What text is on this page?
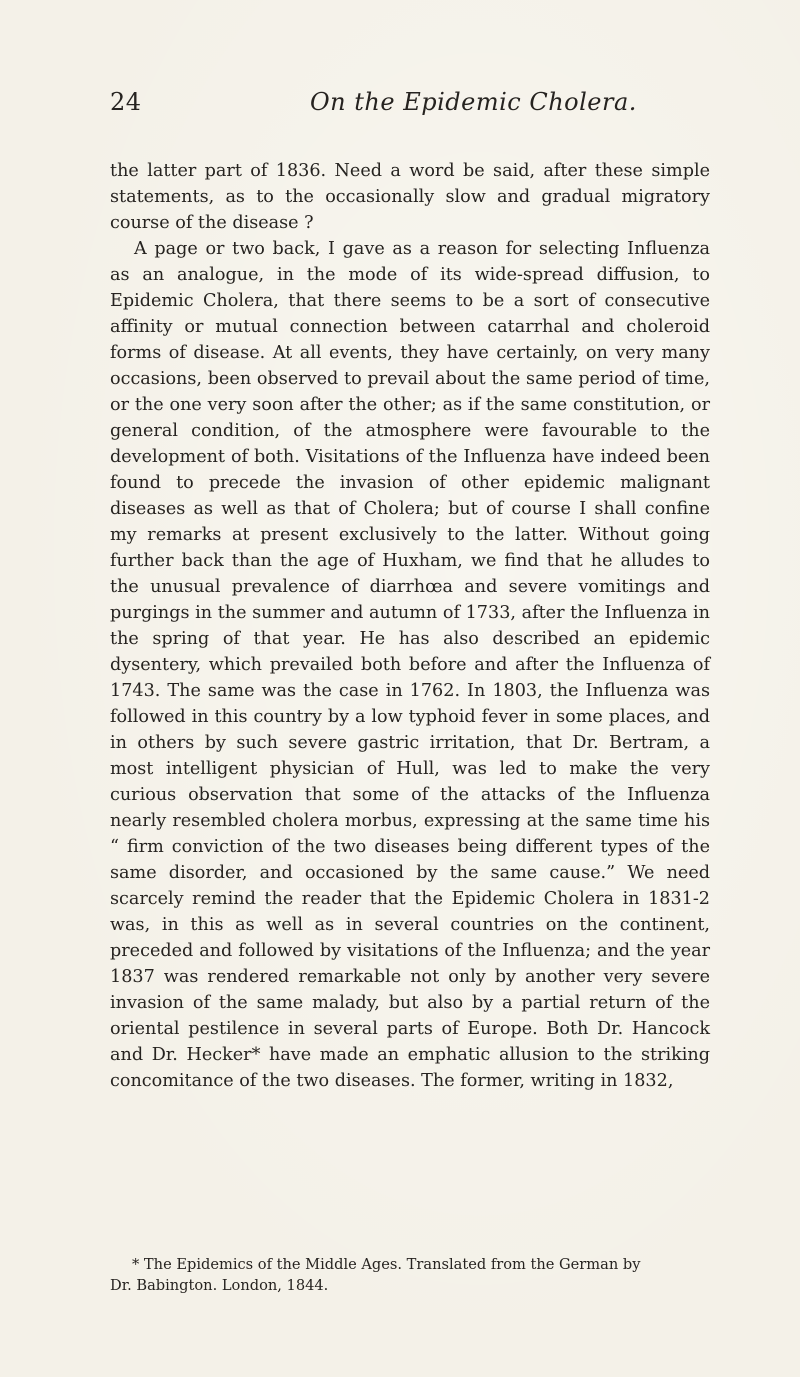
24	On the Epidemic Cholera.

the latter part of 1836. Need a word be said, after these simple statements, as to the occasionally slow and gradual migratory course of the disease ?

A page or two back, I gave as a reason for selecting Influenza as an analogue, in the mode of its wide-spread diffusion, to Epidemic Cholera, that there seems to be a sort of consecutive affinity or mutual connection between catarrhal and choleroid forms of disease. At all events, they have certainly, on very many occasions, been observed to prevail about the same period of time, or the one very soon after the other; as if the same constitution, or general condition, of the atmosphere were favourable to the development of both. Visitations of the Influenza have indeed been found to precede the invasion of other epidemic malignant diseases as well as that of Cholera; but of course I shall confine my remarks at present exclusively to the latter. Without going further back than the age of Huxham, we find that he alludes to the unusual prevalence of diarrhœa and severe vomitings and purgings in the summer and autumn of 1733, after the Influenza in the spring of that year. He has also described an epidemic dysentery, which prevailed both before and after the Influenza of 1743. The same was the case in 1762. In 1803, the Influenza was followed in this country by a low typhoid fever in some places, and in others by such severe gastric irritation, that Dr. Bertram, a most intelligent physician of Hull, was led to make the very curious observation that some of the attacks of the Influenza nearly resembled cholera morbus, expressing at the same time his “ firm conviction of the two diseases being different types of the same disorder, and occasioned by the same cause.” We need scarcely remind the reader that the Epidemic Cholera in 1831-2 was, in this as well as in several countries on the continent, preceded and followed by visitations of the Influenza; and the year 1837 was rendered remarkable not only by another very severe invasion of the same malady, but also by a partial return of the oriental pestilence in several parts of Europe. Both Dr. Hancock and Dr. Hecker* have made an emphatic allusion to the striking concomitance of the two diseases. The former, writing in 1832,

* The Epidemics of the Middle Ages. Translated from the German by

Dr. Babington. London, 1844.
